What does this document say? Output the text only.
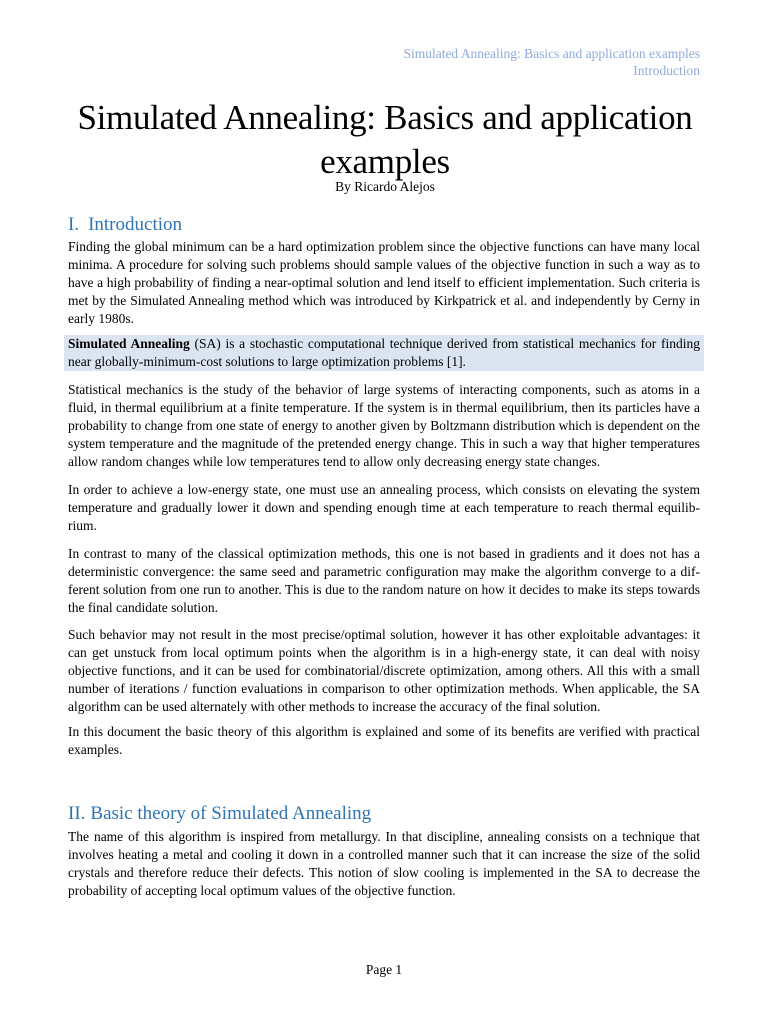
Simulated Annealing: Basics and application examples
Introduction
Simulated Annealing: Basics and application examples
By Ricardo Alejos
I. Introduction

Finding the global minimum can be a hard optimization problem since the objective functions can have many local minima. A procedure for solving such problems should sample values of the objective function in such a way as to have a high probability of finding a near-optimal solution and lend itself to efficient implementation. Such criteria is met by the Simulated Annealing method which was introduced by Kirkpatrick et al. and independently by Cerny in early 1980s.

Simulated Annealing (SA) is a stochastic computational technique derived from statistical mechanics for finding near globally-minimum-cost solutions to large optimization problems [1].

Statistical mechanics is the study of the behavior of large systems of interacting components, such as atoms in a fluid, in thermal equilibrium at a finite temperature. If the system is in thermal equilibrium, then its particles have a probability to change from one state of energy to another given by Boltzmann distribution which is dependent on the system temperature and the magnitude of the pretended energy change. This in such a way that higher temperatures allow random changes while low temperatures tend to allow only decreasing energy state changes.

In order to achieve a low-energy state, one must use an annealing process, which consists on elevating the system temperature and gradually lower it down and spending enough time at each temperature to reach thermal equilibrium.

In contrast to many of the classical optimization methods, this one is not based in gradients and it does not has a deterministic convergence: the same seed and parametric configuration may make the algorithm converge to a different solution from one run to another. This is due to the random nature on how it decides to make its steps towards the final candidate solution.

Such behavior may not result in the most precise/optimal solution, however it has other exploitable advantages: it can get unstuck from local optimum points when the algorithm is in a high-energy state, it can deal with noisy objective functions, and it can be used for combinatorial/discrete optimization, among others. All this with a small number of iterations / function evaluations in comparison to other optimization methods. When applicable, the SA algorithm can be used alternately with other methods to increase the accuracy of the final solution.

In this document the basic theory of this algorithm is explained and some of its benefits are verified with practical examples.

II. Basic theory of Simulated Annealing

The name of this algorithm is inspired from metallurgy. In that discipline, annealing consists on a technique that involves heating a metal and cooling it down in a controlled manner such that it can increase the size of the solid crystals and therefore reduce their defects. This notion of slow cooling is implemented in the SA to decrease the probability of accepting local optimum values of the objective function.

Page 1
